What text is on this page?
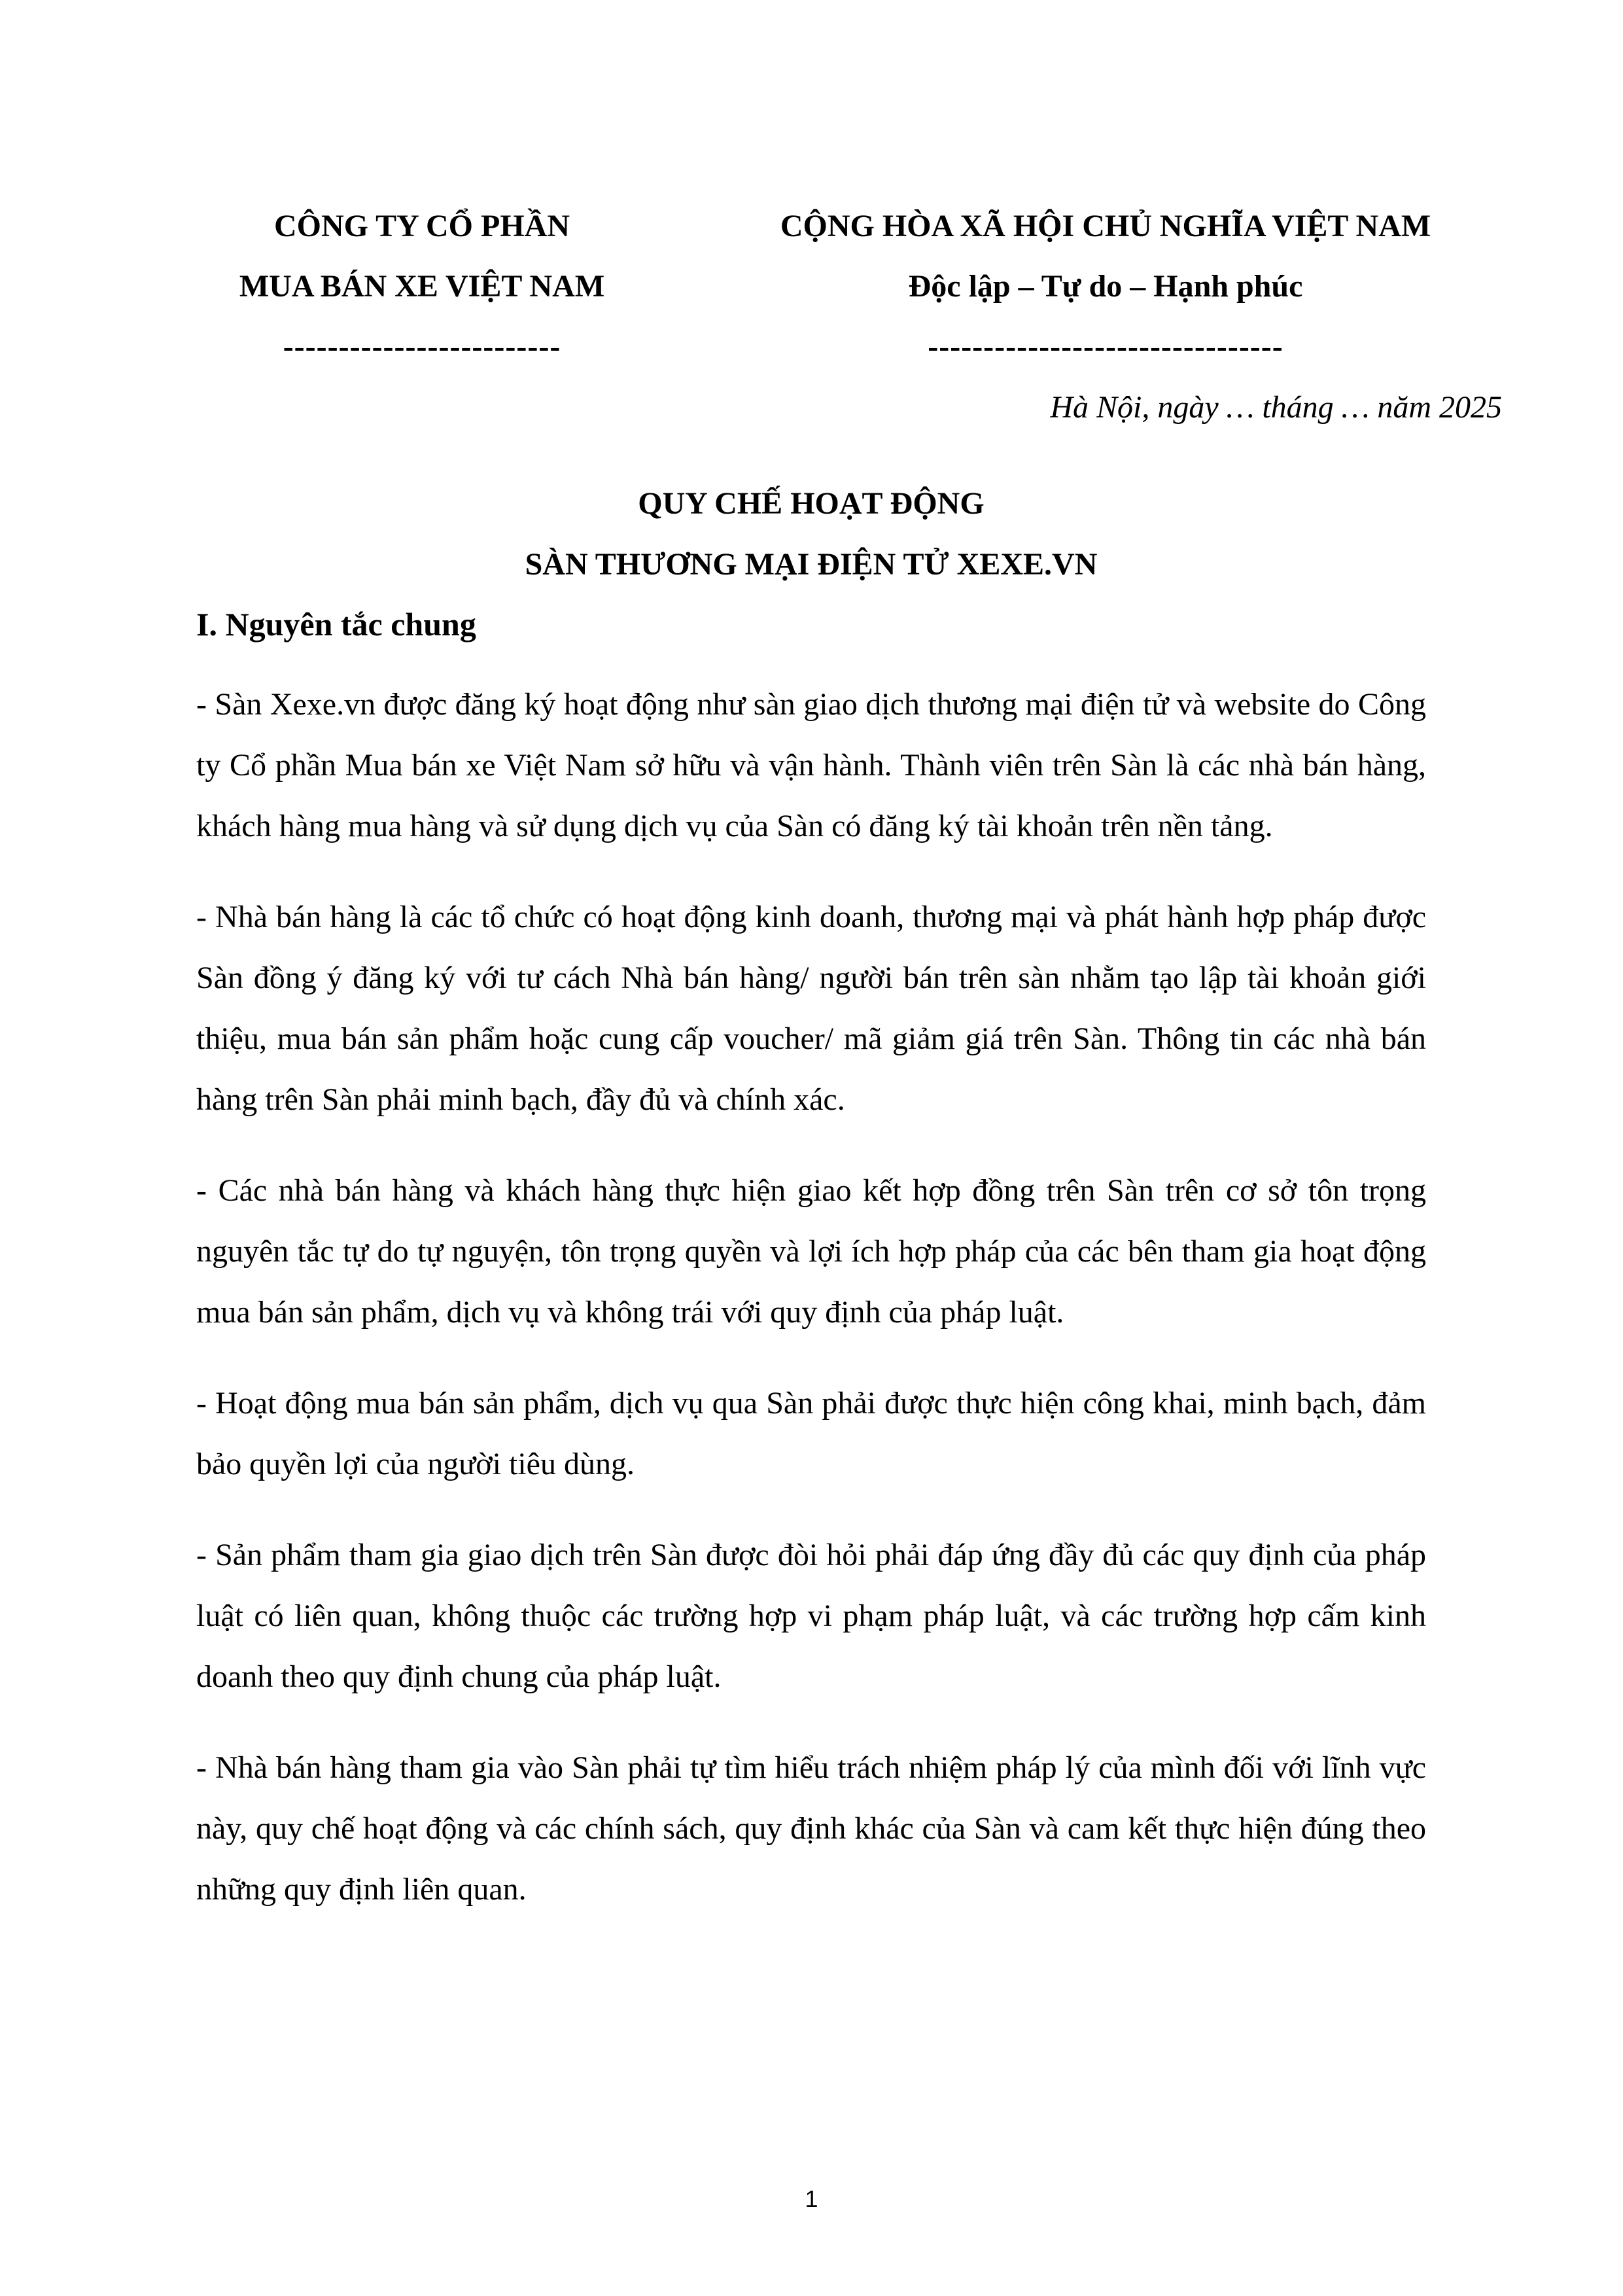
CÔNG TY CỔ PHẦN
MUA BÁN XE VIỆT NAM
-------------------------
CỘNG HÒA XÃ HỘI CHỦ NGHĨA VIỆT NAM
Độc lập – Tự do – Hạnh phúc
--------------------------------
Hà Nội, ngày … tháng … năm 2025
QUY CHẾ HOẠT ĐỘNG
SÀN THƯƠNG MẠI ĐIỆN TỬ XEXE.VN
I. Nguyên tắc chung

- Sàn Xexe.vn được đăng ký hoạt động như sàn giao dịch thương mại điện tử và website do Công ty Cổ phần Mua bán xe Việt Nam sở hữu và vận hành. Thành viên trên Sàn là các nhà bán hàng, khách hàng mua hàng và sử dụng dịch vụ của Sàn có đăng ký tài khoản trên nền tảng.

- Nhà bán hàng là các tổ chức có hoạt động kinh doanh, thương mại và phát hành hợp pháp được Sàn đồng ý đăng ký với tư cách Nhà bán hàng/ người bán trên sàn nhằm tạo lập tài khoản giới thiệu, mua bán sản phẩm hoặc cung cấp voucher/ mã giảm giá trên Sàn. Thông tin các nhà bán hàng trên Sàn phải minh bạch, đầy đủ và chính xác.

- Các nhà bán hàng và khách hàng thực hiện giao kết hợp đồng trên Sàn trên cơ sở tôn trọng nguyên tắc tự do tự nguyện, tôn trọng quyền và lợi ích hợp pháp của các bên tham gia hoạt động mua bán sản phẩm, dịch vụ và không trái với quy định của pháp luật.

- Hoạt động mua bán sản phẩm, dịch vụ qua Sàn phải được thực hiện công khai, minh bạch, đảm bảo quyền lợi của người tiêu dùng.

- Sản phẩm tham gia giao dịch trên Sàn được đòi hỏi phải đáp ứng đầy đủ các quy định của pháp luật có liên quan, không thuộc các trường hợp vi phạm pháp luật, và các trường hợp cấm kinh doanh theo quy định chung của pháp luật.

- Nhà bán hàng tham gia vào Sàn phải tự tìm hiểu trách nhiệm pháp lý của mình đối với lĩnh vực này, quy chế hoạt động và các chính sách, quy định khác của Sàn và cam kết thực hiện đúng theo những quy định liên quan.

1
